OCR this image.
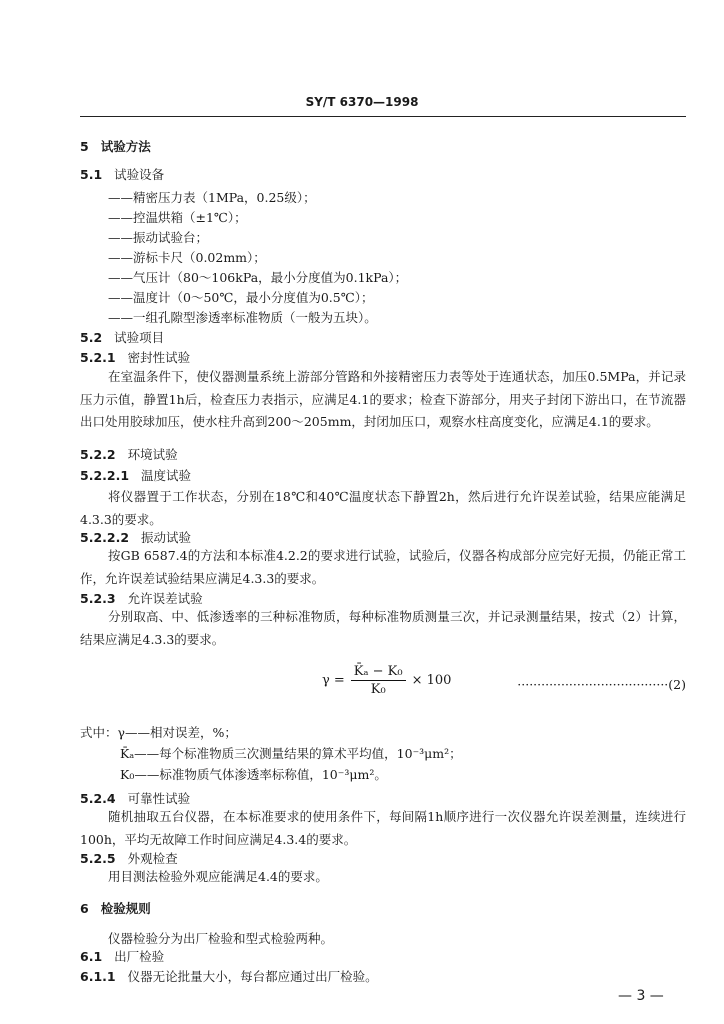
SY/T 6370—1998
5 试验方法
5.1 试验设备
——精密压力表（1MPa，0.25级）；
——控温烘箱（±1℃）；
——振动试验台；
——游标卡尺（0.02mm）；
——气压计（80～106kPa，最小分度值为0.1kPa）；
——温度计（0～50℃，最小分度值为0.5℃）；
——一组孔隙型渗透率标准物质（一般为五块）。
5.2 试验项目
5.2.1 密封性试验
在室温条件下，使仪器测量系统上游部分管路和外接精密压力表等处于连通状态，加压0.5MPa，并记录压力示值，静置1h后，检查压力表指示，应满足4.1的要求；检查下游部分，用夹子封闭下游出口，在节流器出口处用胶球加压，使水柱升高到200～205mm，封闭加压口，观察水柱高度变化，应满足4.1的要求。
5.2.2 环境试验
5.2.2.1 温度试验
将仪器置于工作状态，分别在18℃和40℃温度状态下静置2h，然后进行允许误差试验，结果应能满足4.3.3的要求。
5.2.2.2 振动试验
按GB 6587.4的方法和本标准4.2.2的要求进行试验，试验后，仪器各构成部分应完好无损，仍能正常工作，允许误差试验结果应满足4.3.3的要求。
5.2.3 允许误差试验
分别取高、中、低渗透率的三种标准物质，每种标准物质测量三次，并记录测量结果，按式（2）计算，结果应满足4.3.3的要求。
$\gamma = \frac{\text{K̄ₐ − K₀}}{\text{K₀}} \times 100$	······································(2)
式中：γ——相对误差，%；
K̄ₐ——每个标准物质三次测量结果的算术平均值，10⁻³μm²；
K₀——标准物质气体渗透率标称值，10⁻³μm²。
5.2.4 可靠性试验
随机抽取五台仪器，在本标准要求的使用条件下，每间隔1h顺序进行一次仪器允许误差测量，连续进行100h，平均无故障工作时间应满足4.3.4的要求。
5.2.5 外观检查
用目测法检验外观应能满足4.4的要求。
6 检验规则
仪器检验分为出厂检验和型式检验两种。
6.1 出厂检验
6.1.1 仪器无论批量大小，每台都应通过出厂检验。
— 3 —
